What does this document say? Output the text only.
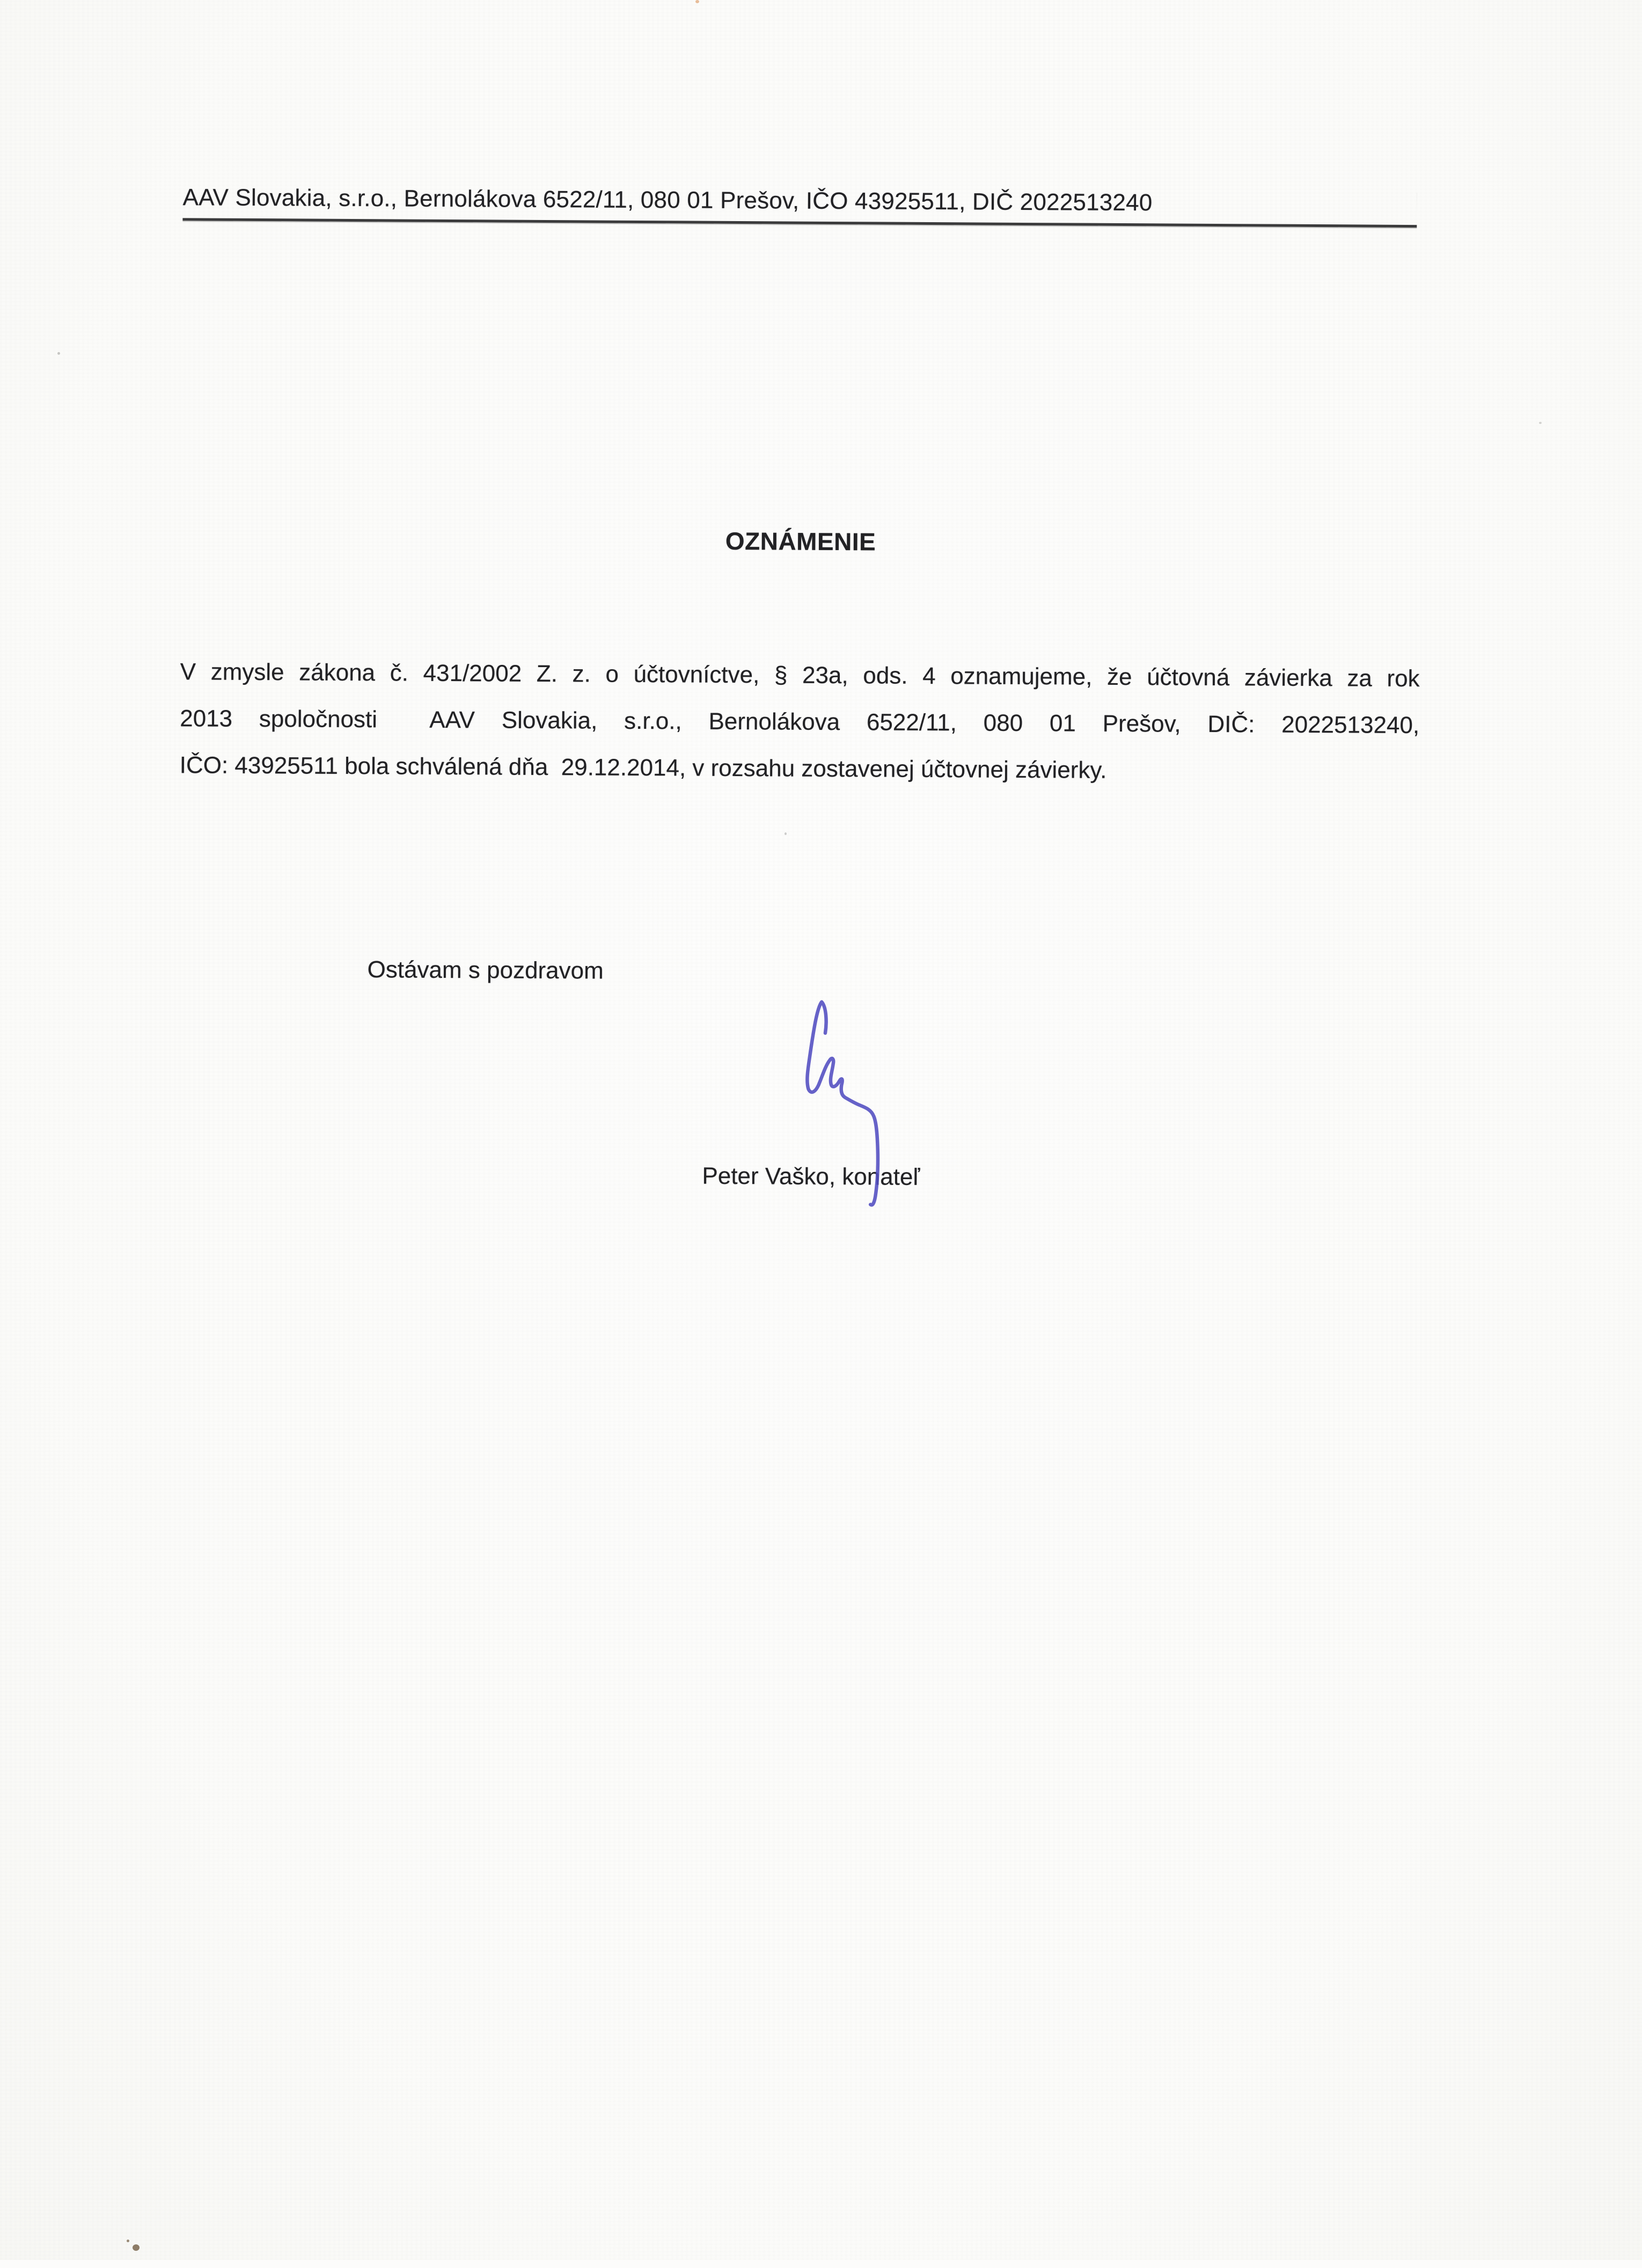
AAV Slovakia, s.r.o., Bernolákova 6522/11, 080 01 Prešov, IČO 43925511, DIČ 2022513240
OZNÁMENIE
V zmysle zákona č. 431/2002 Z. z. o účtovníctve, § 23a, ods. 4 oznamujeme, že účtovná závierka za rok
2013 spoločnosti  AAV Slovakia, s.r.o., Bernolákova 6522/11, 080 01 Prešov, DIČ: 2022513240,
IČO: 43925511 bola schválená dňa  29.12.2014, v rozsahu zostavenej účtovnej závierky.
Ostávam s pozdravom
Peter Vaško, konateľ
